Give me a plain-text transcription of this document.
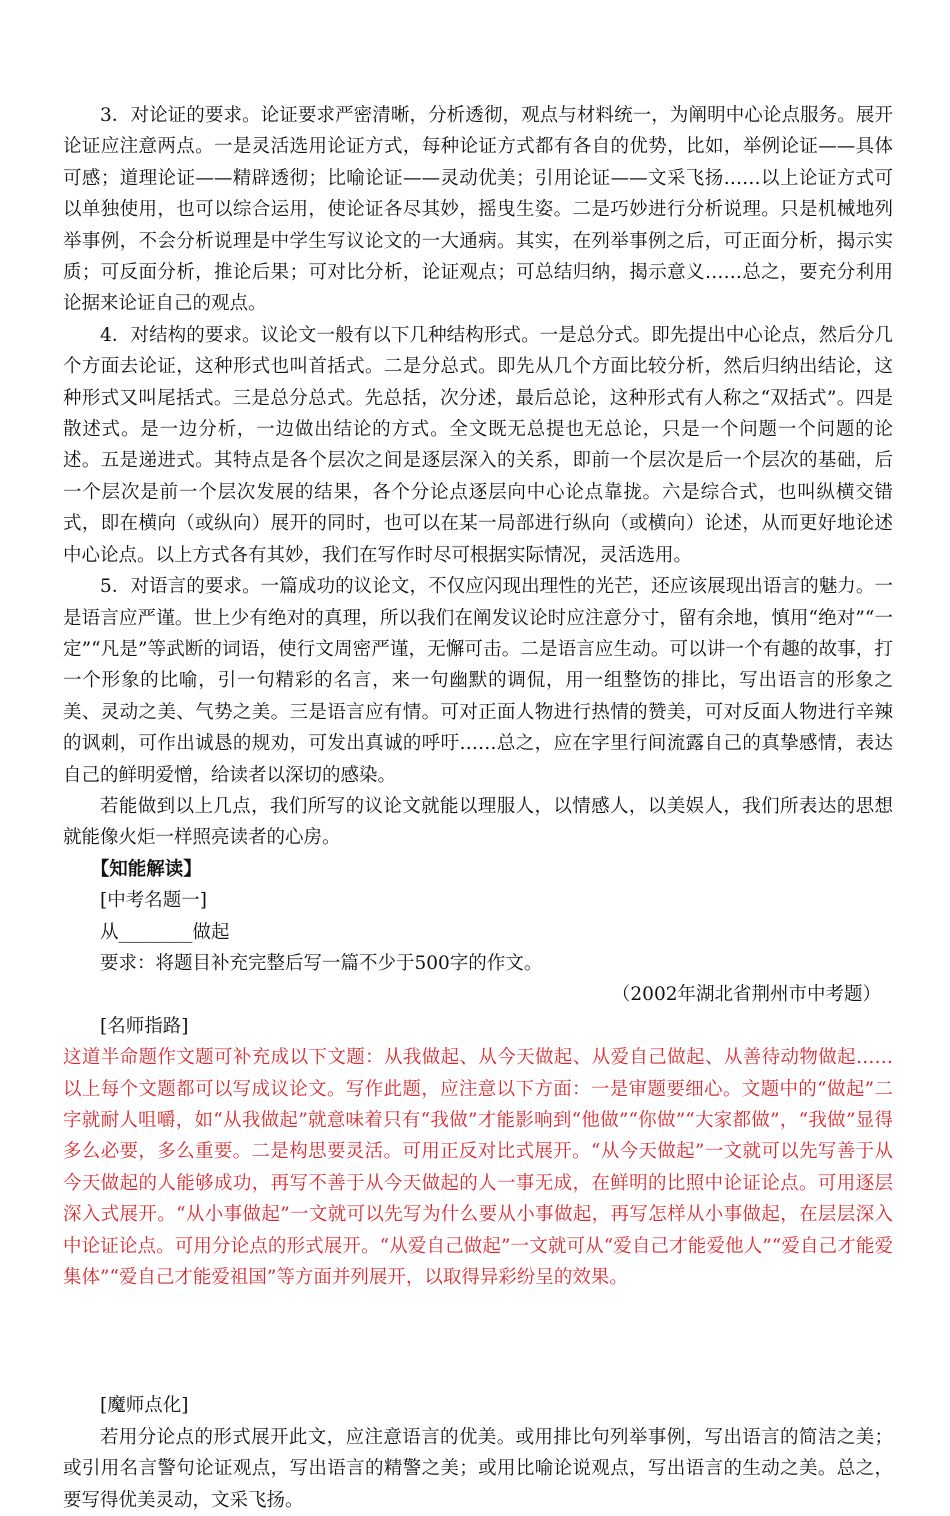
3．对论证的要求。论证要求严密清晰，分析透彻，观点与材料统一，为阐明中心论点服务。展开论证应注意两点。一是灵活选用论证方式，每种论证方式都有各自的优势，比如，举例论证——具体可感；道理论证——精辟透彻；比喻论证——灵动优美；引用论证——文采飞扬……以上论证方式可以单独使用，也可以综合运用，使论证各尽其妙，摇曳生姿。二是巧妙进行分析说理。只是机械地列举事例，不会分析说理是中学生写议论文的一大通病。其实，在列举事例之后，可正面分析，揭示实质；可反面分析，推论后果；可对比分析，论证观点；可总结归纳，揭示意义……总之，要充分利用论据来论证自己的观点。

4．对结构的要求。议论文一般有以下几种结构形式。一是总分式。即先提出中心论点，然后分几个方面去论证，这种形式也叫首括式。二是分总式。即先从几个方面比较分析，然后归纳出结论，这种形式又叫尾括式。三是总分总式。先总括，次分述，最后总论，这种形式有人称之“双括式”。四是散述式。是一边分析，一边做出结论的方式。全文既无总提也无总论，只是一个问题一个问题的论述。五是递进式。其特点是各个层次之间是逐层深入的关系，即前一个层次是后一个层次的基础，后一个层次是前一个层次发展的结果，各个分论点逐层向中心论点靠拢。六是综合式，也叫纵横交错式，即在横向（或纵向）展开的同时，也可以在某一局部进行纵向（或横向）论述，从而更好地论述中心论点。以上方式各有其妙，我们在写作时尽可根据实际情况，灵活选用。

5．对语言的要求。一篇成功的议论文，不仅应闪现出理性的光芒，还应该展现出语言的魅力。一是语言应严谨。世上少有绝对的真理，所以我们在阐发议论时应注意分寸，留有余地，慎用“绝对”“一定”“凡是”等武断的词语，使行文周密严谨，无懈可击。二是语言应生动。可以讲一个有趣的故事，打一个形象的比喻，引一句精彩的名言，来一句幽默的调侃，用一组整饬的排比，写出语言的形象之美、灵动之美、气势之美。三是语言应有情。可对正面人物进行热情的赞美，可对反面人物进行辛辣的讽刺，可作出诚恳的规劝，可发出真诚的呼吁……总之，应在字里行间流露自己的真挚感情，表达自己的鲜明爱憎，给读者以深切的感染。

若能做到以上几点，我们所写的议论文就能以理服人，以情感人，以美娱人，我们所表达的思想就能像火炬一样照亮读者的心房。

【知能解读】

[中考名题一]

从________做起

要求：将题目补充完整后写一篇不少于500字的作文。

（2002年湖北省荆州市中考题）

[名师指路]

这道半命题作文题可补充成以下文题：从我做起、从今天做起、从爱自己做起、从善待动物做起……以上每个文题都可以写成议论文。写作此题，应注意以下方面：一是审题要细心。文题中的“做起”二字就耐人咀嚼，如“从我做起”就意味着只有“我做”才能影响到“他做”“你做”“大家都做”，“我做”显得多么必要，多么重要。二是构思要灵活。可用正反对比式展开。“从今天做起”一文就可以先写善于从今天做起的人能够成功，再写不善于从今天做起的人一事无成，在鲜明的比照中论证论点。可用逐层深入式展开。“从小事做起”一文就可以先写为什么要从小事做起，再写怎样从小事做起，在层层深入中论证论点。可用分论点的形式展开。“从爱自己做起”一文就可从“爱自己才能爱他人”“爱自己才能爱集体”“爱自己才能爱祖国”等方面并列展开，以取得异彩纷呈的效果。

[魔师点化]

若用分论点的形式展开此文，应注意语言的优美。或用排比句列举事例，写出语言的简洁之美；或引用名言警句论证观点，写出语言的精警之美；或用比喻论说观点，写出语言的生动之美。总之，要写得优美灵动，文采飞扬。
